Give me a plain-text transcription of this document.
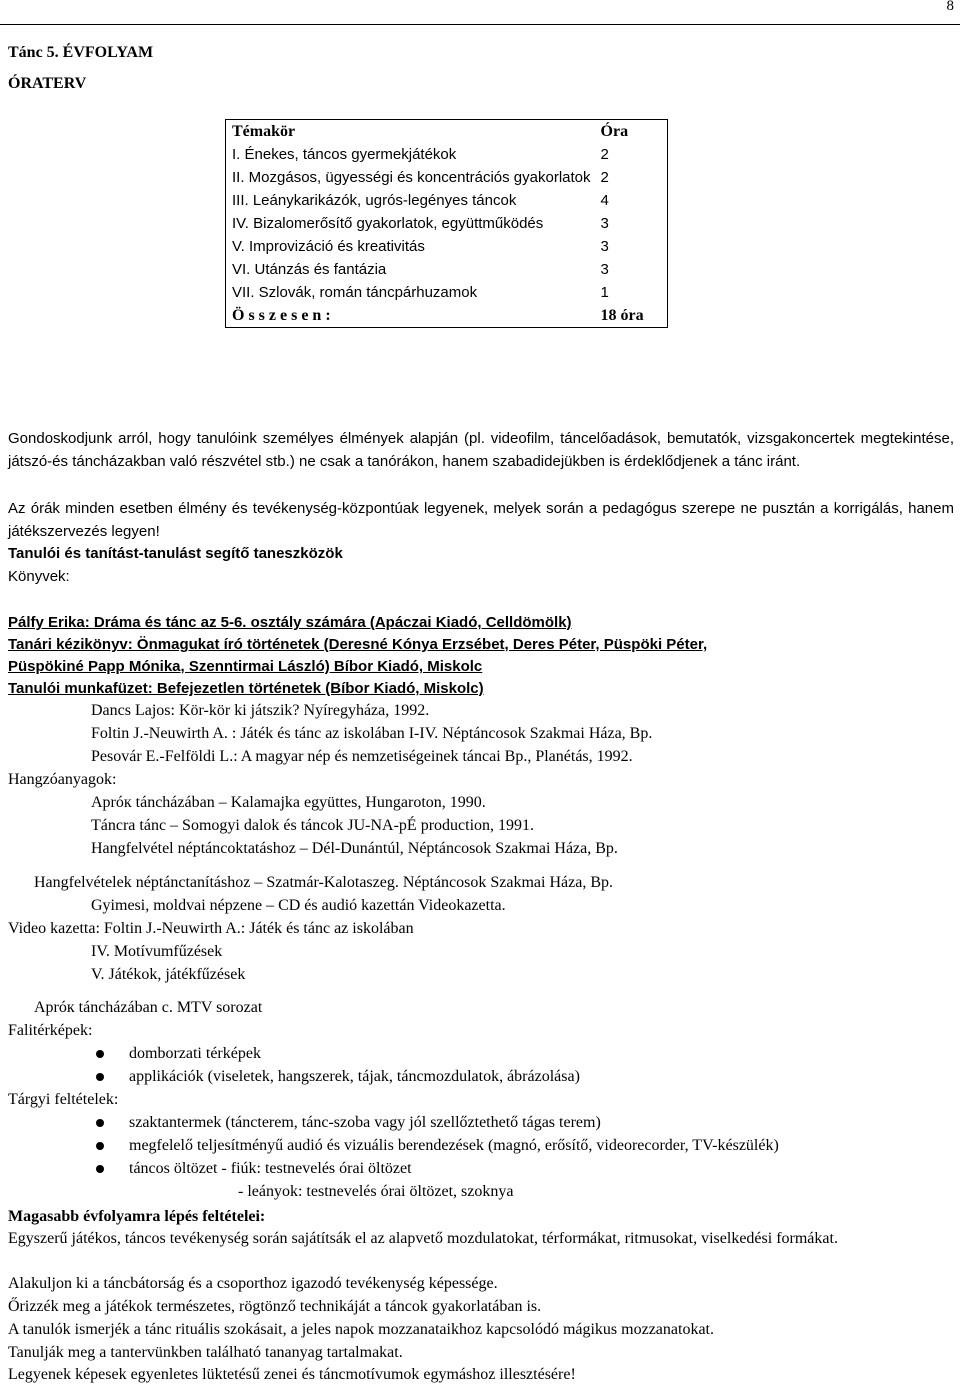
8
Tánc 5. ÉVFOLYAM
ÓRATERV
Témakör	Óra
I. Énekes, táncos gyermekjátékok	2
II. Mozgásos, ügyességi és koncentrációs gyakorlatok	2
III. Leánykarikázók, ugrós-legényes táncok	4
IV. Bizalomerősítő gyakorlatok, együttműködés	3
V. Improvizáció és kreativitás	3
VI. Utánzás és fantázia	3
VII. Szlovák, román táncpárhuzamok	1
Ö s s z e s e n :	18 óra
Gondoskodjunk arról, hogy tanulóink személyes élmények alapján (pl. videofilm, táncelőadások, bemutatók, vizsgakoncertek megtekintése, játszó-és táncházakban való részvétel stb.) ne csak a tanórákon, hanem szabadidejükben is érdeklődjenek a tánc iránt.
Az órák minden esetben élmény és tevékenység-központúak legyenek, melyek során a pedagógus szerepe ne pusztán a korrigálás, hanem játékszervezés legyen!
Tanulói és tanítást-tanulást segítő taneszközök
Könyvek:
Pálfy Erika: Dráma és tánc az 5-6. osztály számára (Apáczai Kiadó, Celldömölk)
Tanári kézikönyv: Önmagukat író történetek (Deresné Kónya Erzsébet, Deres Péter, Püspöki Péter,
Püspökiné Papp Mónika, Szenntirmai László) Bíbor Kiadó, Miskolc
Tanulói munkafüzet: Befejezetlen történetek (Bíbor Kiadó, Miskolc)
Dancs Lajos: Kör-kör ki játszik? Nyíregyháza, 1992.
Foltin J.-Neuwirth A. : Játék és tánc az iskolában I-IV. Néptáncosok Szakmai Háza, Bp.
Pesovár E.-Felföldi L.: A magyar nép és nemzetiségeinek táncai Bp., Planétás, 1992.
Hangzóanyagok:
Apróк táncházában – Kalamajka együttes, Hungaroton, 1990.
Táncra tánc – Somogyi dalok és táncok JU-NA-pÉ production, 1991.
Hangfelvétel néptáncoktatáshoz – Dél-Dunántúl, Néptáncosok Szakmai Háza, Bp.
Hangfelvételek néptánctanításhoz – Szatmár-Kalotaszeg. Néptáncosok Szakmai Háza, Bp.
Gyimesi, moldvai népzene – CD és audió kazettán Videokazetta.
Video kazetta: Foltin J.-Neuwirth A.: Játék és tánc az iskolában
IV. Motívumfűzések
V. Játékok, játékfűzések
Apróк táncházában c. MTV sorozat
Falitérképek:
domborzati térképek
applikációk (viseletek, hangszerek, tájak, táncmozdulatok, ábrázolása)
Tárgyi feltételek:
szaktantermek (táncterem, tánc-szoba vagy jól szellőztethető tágas terem)
megfelelő teljesítményű audió és vizuális berendezések (magnó, erősítő, videorecorder, TV-készülék)
táncos öltözet - fiúk: testnevelés órai öltözet
- leányok: testnevelés órai öltözet, szoknya
Magasabb évfolyamra lépés feltételei:
Egyszerű játékos, táncos tevékenység során sajátítsák el az alapvető mozdulatokat, térformákat, ritmusokat, viselkedési formákat.
Alakuljon ki a táncbátorság és a csoporthoz igazodó tevékenység képessége.
Őrizzék meg a játékok természetes, rögtönző technikáját a táncok gyakorlatában is.
A tanulók ismerjék a tánc rituális szokásait, a jeles napok mozzanataikhoz kapcsolódó mágikus mozzanatokat.
Tanulják meg a tantervünkben található tananyag tartalmakat.
Legyenek képesek egyenletes lüktetésű zenei és táncmotívumok egymáshoz illesztésére!
